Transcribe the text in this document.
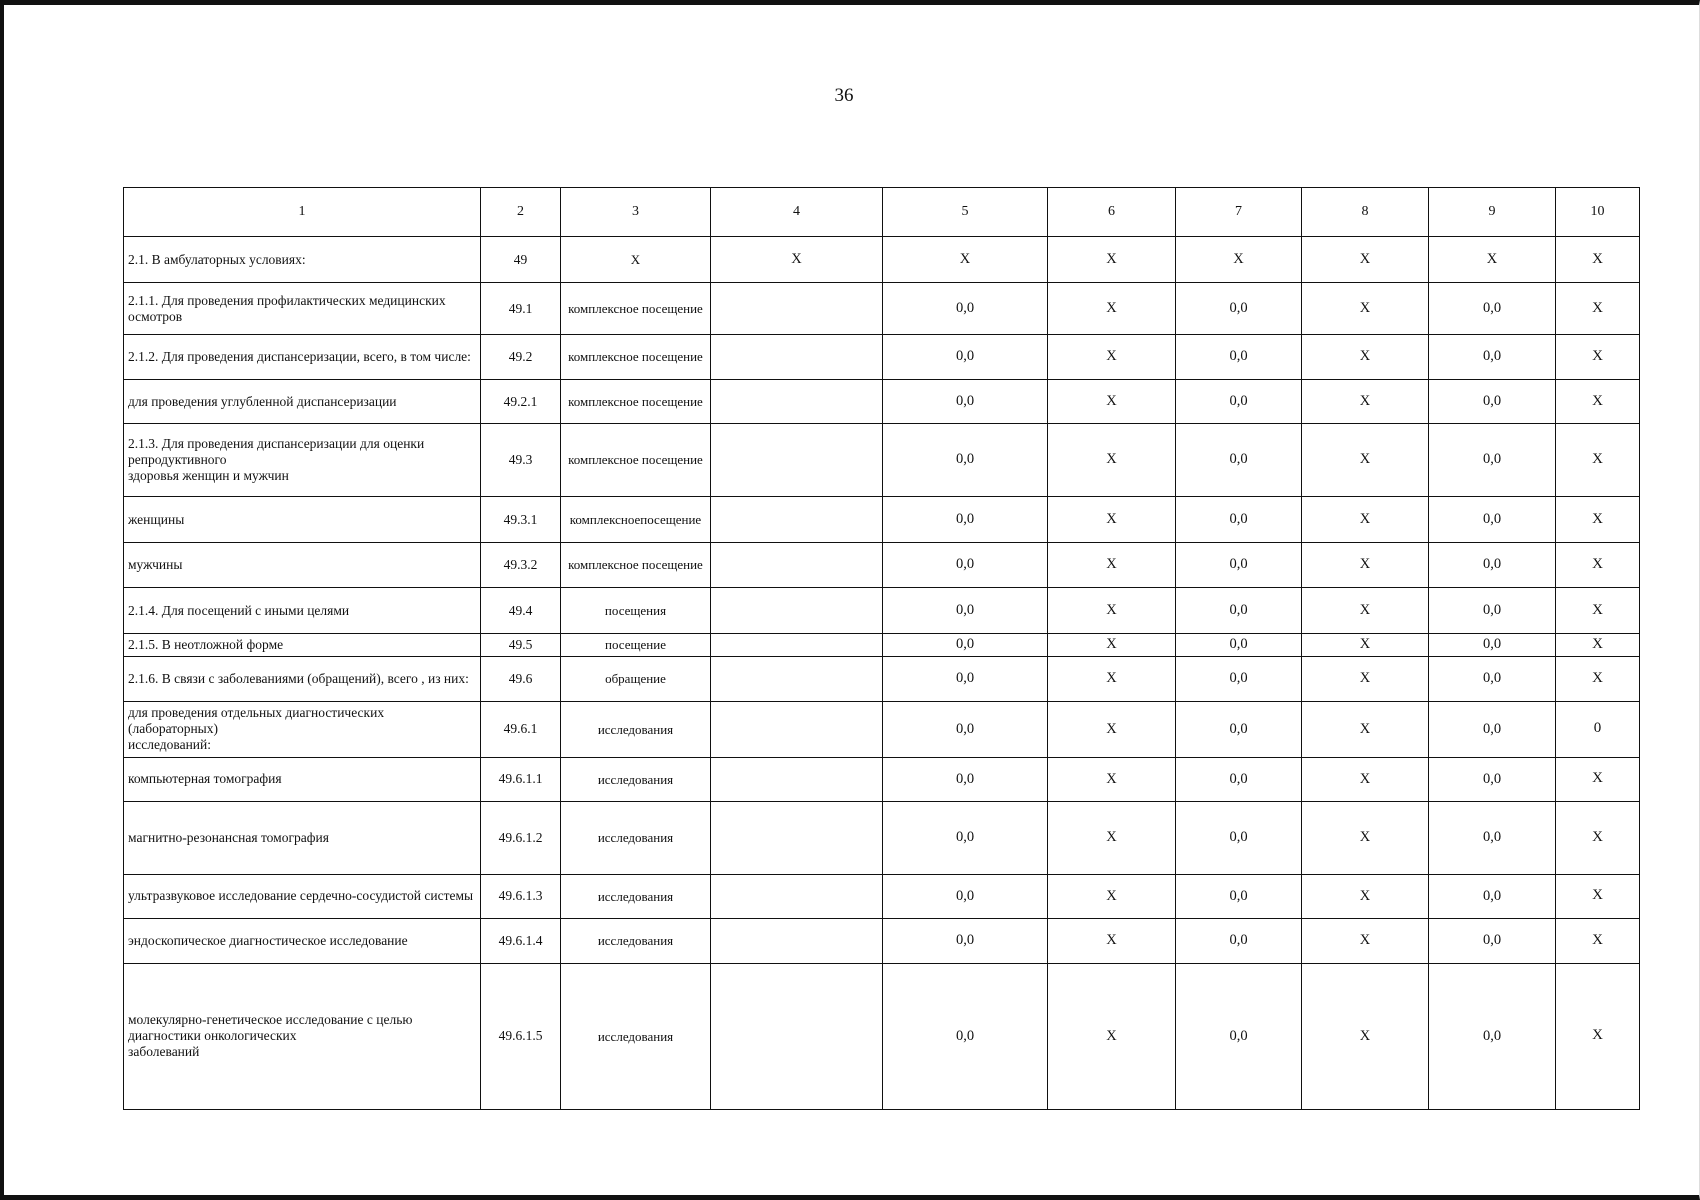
36
1	2	3	4	5	6	7	8	9	10
2.1. В амбулаторных условиях:	49	Х	Х	Х	Х	Х	Х	Х	Х
2.1.1. Для проведения профилактических медицинских осмотров	49.1	комплексное посещение		0,0	Х	0,0	Х	0,0	Х
2.1.2. Для проведения диспансеризации, всего, в том числе:	49.2	комплексное посещение		0,0	Х	0,0	Х	0,0	Х
для проведения углубленной диспансеризации	49.2.1	комплексное посещение		0,0	Х	0,0	Х	0,0	Х
2.1.3. Для проведения диспансеризации для оценки репродуктивного
здоровья женщин и мужчин	49.3	комплексное посещение		0,0	Х	0,0	Х	0,0	Х
женщины	49.3.1	комплексноепосещение		0,0	Х	0,0	Х	0,0	Х
мужчины	49.3.2	комплексное посещение		0,0	Х	0,0	Х	0,0	Х
2.1.4. Для посещений с иными целями	49.4	посещения		0,0	Х	0,0	Х	0,0	Х
2.1.5. В неотложной форме	49.5	посещение		0,0	Х	0,0	Х	0,0	Х
2.1.6. В связи с заболеваниями (обращений), всего , из них:	49.6	обращение		0,0	Х	0,0	Х	0,0	Х
для проведения отдельных диагностических (лабораторных)
исследований:	49.6.1	исследования		0,0	Х	0,0	Х	0,0	0
компьютерная томография	49.6.1.1	исследования		0,0	Х	0,0	Х	0,0	Х
магнитно-резонансная томография	49.6.1.2	исследования		0,0	Х	0,0	Х	0,0	Х
ультразвуковое исследование сердечно-сосудистой системы	49.6.1.3	исследования		0,0	Х	0,0	Х	0,0	Х
эндоскопическое диагностическое исследование	49.6.1.4	исследования		0,0	Х	0,0	Х	0,0	Х
молекулярно-генетическое исследование с целью диагностики онкологических
заболеваний	49.6.1.5	исследования		0,0	Х	0,0	Х	0,0	Х
